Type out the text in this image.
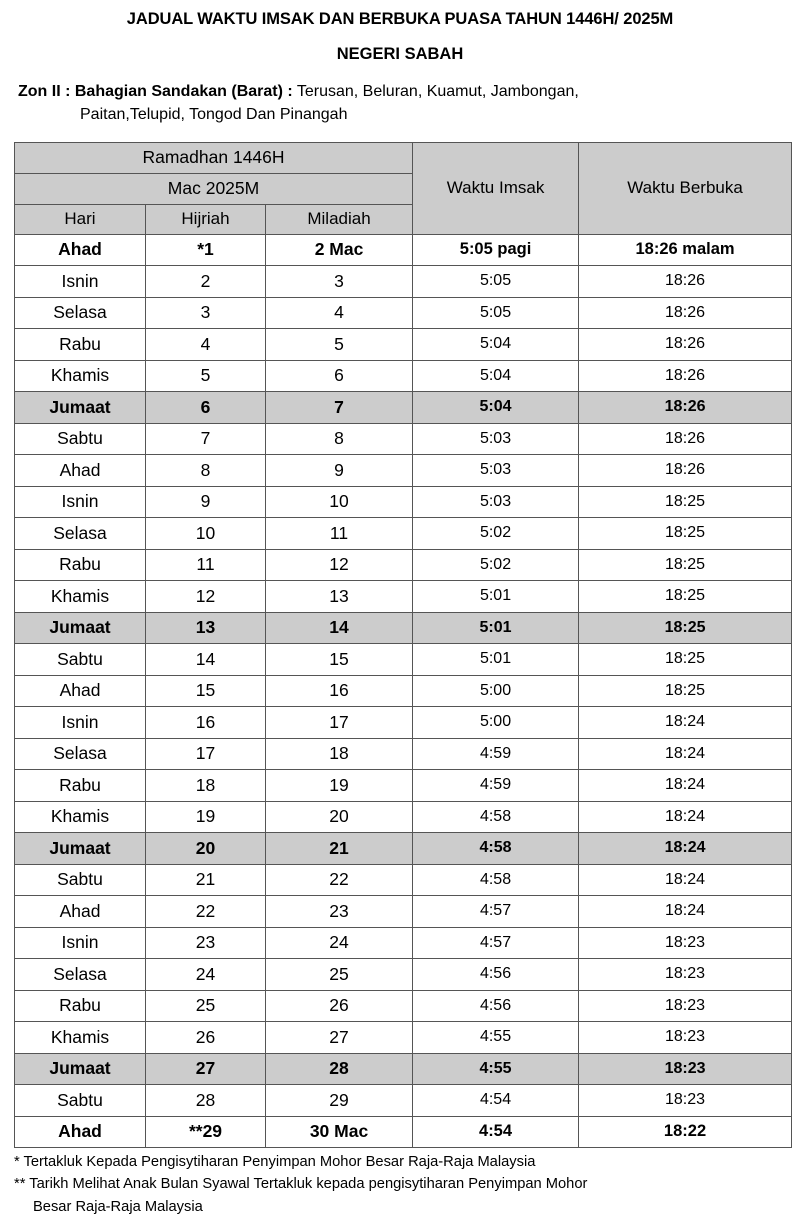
JADUAL WAKTU IMSAK DAN BERBUKA PUASA TAHUN 1446H/ 2025M
NEGERI SABAH
Zon II : Bahagian Sandakan (Barat) : Terusan, Beluran, Kuamut, Jambongan,
Paitan,Telupid, Tongod Dan Pinangah
Ramadhan 1446H			Waktu Imsak	Waktu Berbuka
Mac 2025M				
Hari	Hijriah	Miladiah		
Ahad	*1	2 Mac	5:05 pagi	18:26 malam
Isnin	2	3	5:05	18:26
Selasa	3	4	5:05	18:26
Rabu	4	5	5:04	18:26
Khamis	5	6	5:04	18:26
Jumaat	6	7	5:04	18:26
Sabtu	7	8	5:03	18:26
Ahad	8	9	5:03	18:26
Isnin	9	10	5:03	18:25
Selasa	10	11	5:02	18:25
Rabu	11	12	5:02	18:25
Khamis	12	13	5:01	18:25
Jumaat	13	14	5:01	18:25
Sabtu	14	15	5:01	18:25
Ahad	15	16	5:00	18:25
Isnin	16	17	5:00	18:24
Selasa	17	18	4:59	18:24
Rabu	18	19	4:59	18:24
Khamis	19	20	4:58	18:24
Jumaat	20	21	4:58	18:24
Sabtu	21	22	4:58	18:24
Ahad	22	23	4:57	18:24
Isnin	23	24	4:57	18:23
Selasa	24	25	4:56	18:23
Rabu	25	26	4:56	18:23
Khamis	26	27	4:55	18:23
Jumaat	27	28	4:55	18:23
Sabtu	28	29	4:54	18:23
Ahad	**29	30 Mac	4:54	18:22
* Tertakluk Kepada Pengisytiharan Penyimpan Mohor Besar Raja-Raja Malaysia
** Tarikh Melihat Anak Bulan Syawal Tertakluk kepada pengisytiharan Penyimpan Mohor
Besar Raja-Raja Malaysia
